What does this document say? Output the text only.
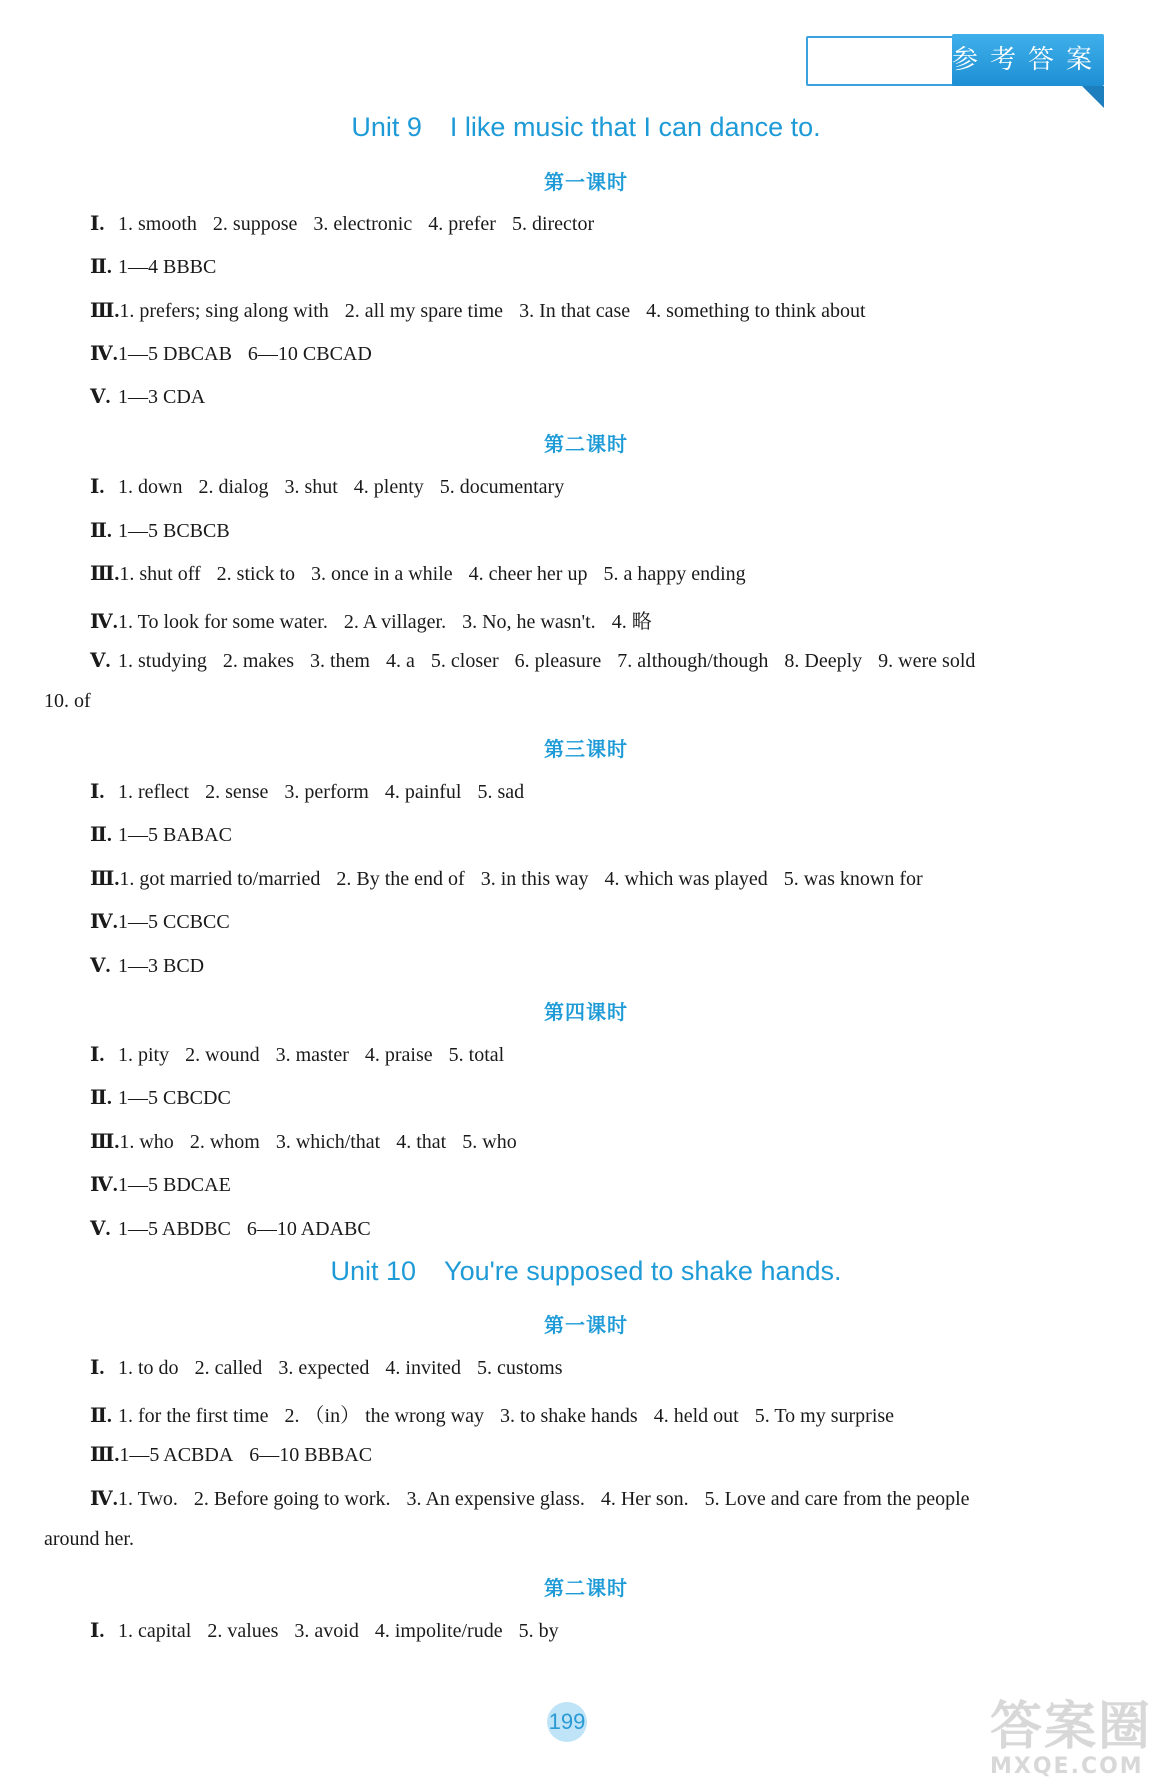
参考答案
Unit 9 I like music that I can dance to.
第一课时
Ⅰ. 1. smooth 2. suppose 3. electronic 4. prefer 5. director
Ⅱ. 1—4 BBBC
Ⅲ.1. prefers; sing along with 2. all my spare time 3. In that case 4. something to think about
Ⅳ.1—5 DBCAB 6—10 CBCAD
Ⅴ. 1—3 CDA
第二课时
Ⅰ. 1. down 2. dialog 3. shut 4. plenty 5. documentary
Ⅱ. 1—5 BCBCB
Ⅲ.1. shut off 2. stick to 3. once in a while 4. cheer her up 5. a happy ending
Ⅳ.1. To look for some water. 2. A villager. 3. No, he wasn't. 4. 略
Ⅴ. 1. studying 2. makes 3. them 4. a 5. closer 6. pleasure 7. although/though 8. Deeply 9. were sold
10. of
第三课时
Ⅰ. 1. reflect 2. sense 3. perform 4. painful 5. sad
Ⅱ. 1—5 BABAC
Ⅲ.1. got married to/married 2. By the end of 3. in this way 4. which was played 5. was known for
Ⅳ.1—5 CCBCC
Ⅴ. 1—3 BCD
第四课时
Ⅰ. 1. pity 2. wound 3. master 4. praise 5. total
Ⅱ. 1—5 CBCDC
Ⅲ.1. who 2. whom 3. which/that 4. that 5. who
Ⅳ.1—5 BDCAE
Ⅴ. 1—5 ABDBC 6—10 ADABC
Unit 10 You're supposed to shake hands.
第一课时
Ⅰ. 1. to do 2. called 3. expected 4. invited 5. customs
Ⅱ. 1. for the first time 2. （in） the wrong way 3. to shake hands 4. held out 5. To my surprise
Ⅲ.1—5 ACBDA 6—10 BBBAC
Ⅳ.1. Two. 2. Before going to work. 3. An expensive glass. 4. Her son. 5. Love and care from the people
around her.
第二课时
Ⅰ. 1. capital 2. values 3. avoid 4. impolite/rude 5. by
199	答案圈
MXQE.COM
